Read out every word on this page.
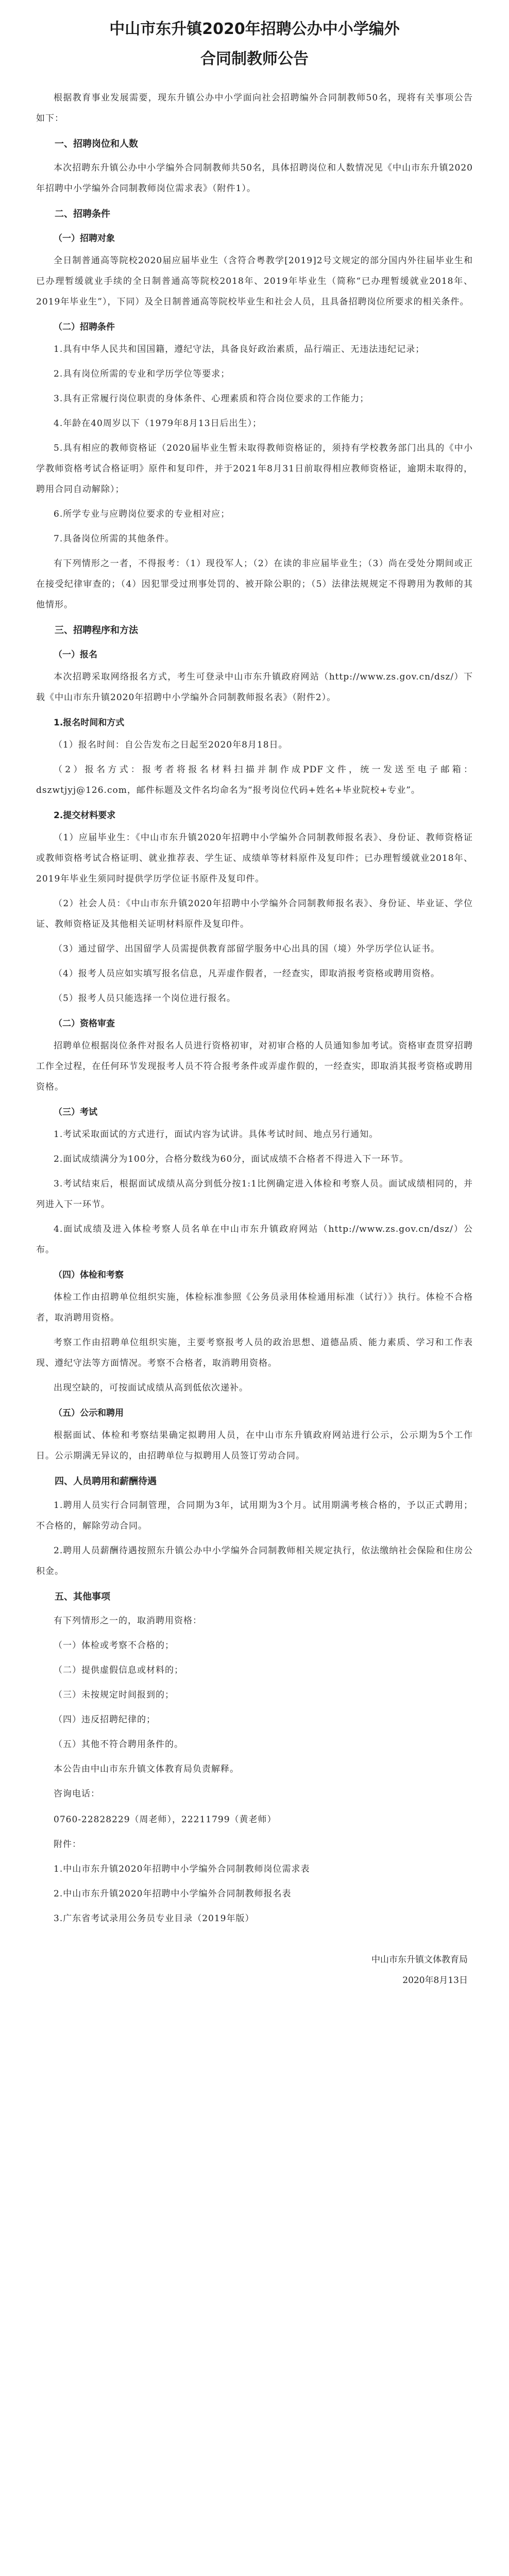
中山市东升镇2020年招聘公办中小学编外
合同制教师公告
根据教育事业发展需要，现东升镇公办中小学面向社会招聘编外合同制教师50名，现将有关事项公告如下：
一、招聘岗位和人数
本次招聘东升镇公办中小学编外合同制教师共50名，具体招聘岗位和人数情况见《中山市东升镇2020年招聘中小学编外合同制教师岗位需求表》（附件1）。
二、招聘条件
（一）招聘对象
全日制普通高等院校2020届应届毕业生（含符合粤教学[2019]2号文规定的部分国内外往届毕业生和已办理暂缓就业手续的全日制普通高等院校2018年、2019年毕业生（简称“已办理暂缓就业2018年、2019年毕业生”），下同）及全日制普通高等院校毕业生和社会人员，且具备招聘岗位所要求的相关条件。
（二）招聘条件
1.具有中华人民共和国国籍，遵纪守法，具备良好政治素质，品行端正、无违法违纪记录；
2.具有岗位所需的专业和学历学位等要求；
3.具有正常履行岗位职责的身体条件、心理素质和符合岗位要求的工作能力；
4.年龄在40周岁以下（1979年8月13日后出生）；
5.具有相应的教师资格证（2020届毕业生暂未取得教师资格证的，须持有学校教务部门出具的《中小学教师资格考试合格证明》原件和复印件，并于2021年8月31日前取得相应教师资格证，逾期未取得的，聘用合同自动解除）；
6.所学专业与应聘岗位要求的专业相对应；
7.具备岗位所需的其他条件。
有下列情形之一者，不得报考：（1）现役军人；（2）在读的非应届毕业生；（3）尚在受处分期间或正在接受纪律审查的；（4）因犯罪受过刑事处罚的、被开除公职的；（5）法律法规规定不得聘用为教师的其他情形。
三、招聘程序和方法
（一）报名
本次招聘采取网络报名方式，考生可登录中山市东升镇政府网站（http://www.zs.gov.cn/dsz/）下载《中山市东升镇2020年招聘中小学编外合同制教师报名表》（附件2）。
1.报名时间和方式
（1）报名时间：自公告发布之日起至2020年8月18日。
（2）报名方式：报考者将报名材料扫描并制作成PDF文件，统一发送至电子邮箱：dszwtjyj@126.com，邮件标题及文件名均命名为“报考岗位代码+姓名+毕业院校+专业”。
2.提交材料要求
（1）应届毕业生：《中山市东升镇2020年招聘中小学编外合同制教师报名表》、身份证、教师资格证或教师资格考试合格证明、就业推荐表、学生证、成绩单等材料原件及复印件；已办理暂缓就业2018年、2019年毕业生须同时提供学历学位证书原件及复印件。
（2）社会人员：《中山市东升镇2020年招聘中小学编外合同制教师报名表》、身份证、毕业证、学位证、教师资格证及其他相关证明材料原件及复印件。
（3）通过留学、出国留学人员需提供教育部留学服务中心出具的国（境）外学历学位认证书。
（4）报考人员应如实填写报名信息，凡弄虚作假者，一经查实，即取消报考资格或聘用资格。
（5）报考人员只能选择一个岗位进行报名。
（二）资格审查
招聘单位根据岗位条件对报名人员进行资格初审，对初审合格的人员通知参加考试。资格审查贯穿招聘工作全过程，在任何环节发现报考人员不符合报考条件或弄虚作假的，一经查实，即取消其报考资格或聘用资格。
（三）考试
1.考试采取面试的方式进行，面试内容为试讲。具体考试时间、地点另行通知。
2.面试成绩满分为100分，合格分数线为60分，面试成绩不合格者不得进入下一环节。
3.考试结束后，根据面试成绩从高分到低分按1:1比例确定进入体检和考察人员。面试成绩相同的，并列进入下一环节。
4.面试成绩及进入体检考察人员名单在中山市东升镇政府网站（http://www.zs.gov.cn/dsz/）公布。
（四）体检和考察
体检工作由招聘单位组织实施，体检标准参照《公务员录用体检通用标准（试行）》执行。体检不合格者，取消聘用资格。
考察工作由招聘单位组织实施，主要考察报考人员的政治思想、道德品质、能力素质、学习和工作表现、遵纪守法等方面情况。考察不合格者，取消聘用资格。
出现空缺的，可按面试成绩从高到低依次递补。
（五）公示和聘用
根据面试、体检和考察结果确定拟聘用人员，在中山市东升镇政府网站进行公示，公示期为5个工作日。公示期满无异议的，由招聘单位与拟聘用人员签订劳动合同。
四、人员聘用和薪酬待遇
1.聘用人员实行合同制管理，合同期为3年，试用期为3个月。试用期满考核合格的，予以正式聘用；不合格的，解除劳动合同。
2.聘用人员薪酬待遇按照东升镇公办中小学编外合同制教师相关规定执行，依法缴纳社会保险和住房公积金。
五、其他事项
有下列情形之一的，取消聘用资格：
（一）体检或考察不合格的；
（二）提供虚假信息或材料的；
（三）未按规定时间报到的；
（四）违反招聘纪律的；
（五）其他不符合聘用条件的。
本公告由中山市东升镇文体教育局负责解释。
咨询电话：
0760-22828229（周老师），22211799（黄老师）
附件：
1.中山市东升镇2020年招聘中小学编外合同制教师岗位需求表
2.中山市东升镇2020年招聘中小学编外合同制教师报名表
3.广东省考试录用公务员专业目录（2019年版）
中山市东升镇文体教育局
2020年8月13日
